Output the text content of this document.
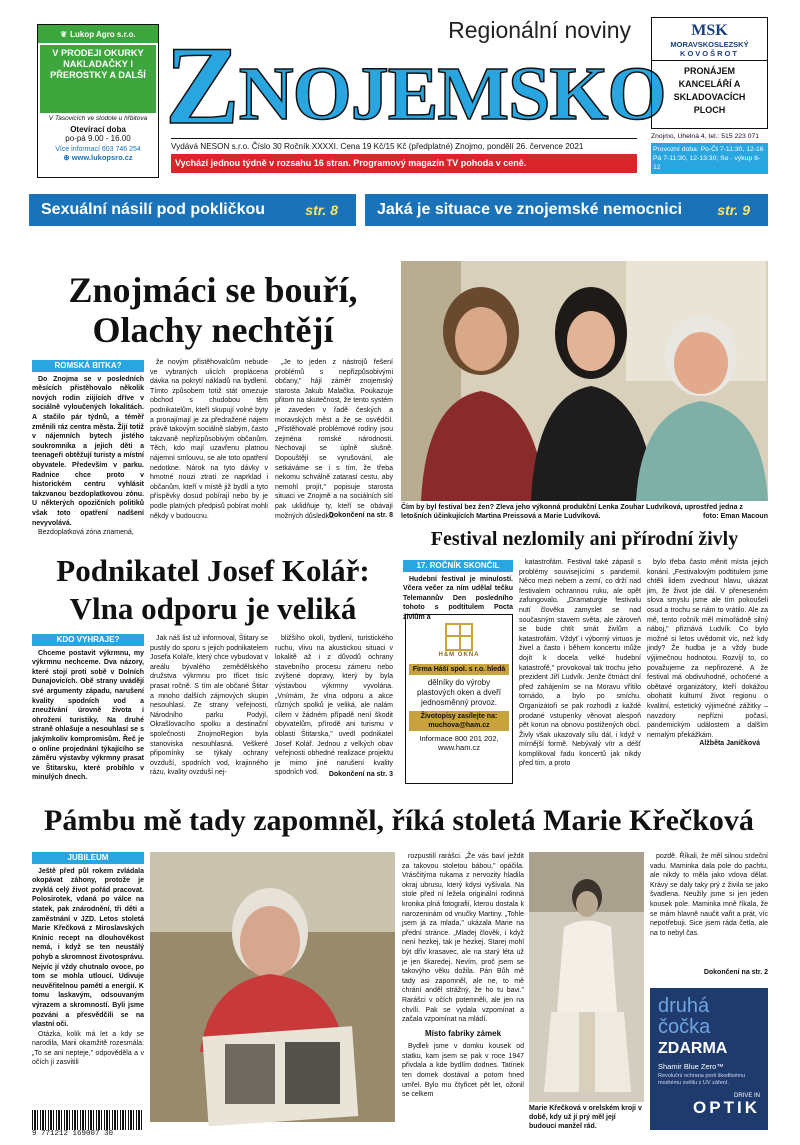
❦ Lukop Agro s.r.o.
V PRODEJI OKURKY NAKLADAČKY I PŘEROSTKY A DALŠÍ
V Tasovicích ve stodole u hřbitova
Otevírací doba
po-pá 9.00 - 16.00
Více informací 603 746 254
⊕ www.lukopsro.cz
Regionální noviny
ZNOJEMSKO
Vydává NESON s.r.o. Číslo 30 Ročník XXXXI. Cena 19 Kč/15 Kč (předplatné) Znojmo, pondělí 26. července 2021
Vychází jednou týdně v rozsahu 16 stran. Programový magazín TV pohoda v ceně.
MSK
MORAVSKOSLEZSKÝ
KOVOŠROT
PRONÁJEM KANCELÁŘÍ A SKLADOVACÍCH PLOCH
Znojmo, Uhelná 4, tel.: 515 223 071
Provozní doba: Po-Čt 7-11:30, 12-16 Pá 7-11:30, 12-13:30; So - výkup 8-12
Sexuální násilí pod pokličkou	str. 8 Jaká je situace ve znojemské nemocnici	str. 9
Znojmáci se bouří,
Olachy nechtějí
ROMSKÁ BITKA?

Do Znojma se v posledních měsících přistěhovalo několik nových rodin ziijících dříve v sociálně vyloučených lokalitách. A stačilo pár týdnů, a téměř změnili ráz centra města. Žijí totiž v nájemních bytech jistého soukromníka a jejich děti a teenageři obtěžují turisty a místní obyvatele. Především v parku. Radnice chce proto v historickém centru vyhlásit takzvanou bezdoplatkovou zónu. U některých opozičních politiků však toto opatření nadšení nevyvolává.

Bezdoplatková zóna znamená,

že novým přistěhovalcům nebude ve vybraných ulicích proplácena dávka na pokrytí nákladů na bydlení. Tímto způsobem totiž stát omezuje obchod s chudobou těm podnikatelům, kteří skupují volné byty a pronajímají je za předražené nájem právě takovým sociálně slabým, často takzvaně nepřizpůsobivým občanům. Těch, kdo mají uzavřenu platnou nájemní smlouvu, se ale toto opatření nedotkne. Nárok na tyto dávky v hmotné nouzi ztratí ze naprklad i občanům, kteří v místě již bydlí a tyto příspěvky dosud pobírají nebo by je podle platných předpisů pobírat mohli někdy v budoucnu.

„Je to jeden z nástrojů řešení problémů s nepřizpůsobivými občany," hájí záměr znojemský starosta Jakub Malačka. Poukazuje přitom na skutečnost, že tento systém je zaveden v řadě českých a moravských měst a že se osvědčil. „Přistěhovalé problémové rodiny jsou zejména romské národnosti. Nechovají se úplně slušně. Dopouštějí se vyrušování, ale setkáváme se i s tím, že třeba nekomu schválně zatarasí cestu, aby nemohl projít," popisuje starosta situaci ve Znojmě a na sociálních sítí pak uklidňuje ty, kteří se obávají možných důsledků.

Dokončení na str. 8
Čím by byl festival bez žen? Zleva jeho výkonná produkční Lenka Zouhar Ludvíková, uprostřed jedna z letošních účinkujících Martina Preissová a Marie Ludvíková.	foto: Eman Macoun
Podnikatel Josef Kolář:
Vlna odporu je veliká
KDO VYHRAJE?

Chceme postavit výkrmnu, my výkrmnu nechceme. Dva názory, které stojí proti sobě v Dolních Dunajovicích. Obě strany uvádějí své argumenty západu, narušení kvality spodních vod a zneužívání úrovně života i ohrožení turistiky. Na druhé straně ohlašuje a nesouhlasí se s jakýmkoliv kompromisům. Řeč je o online projednání týkajícího se záměru výstavby výkrmny prasat ve Štitarsku, které probíhlo v minulých dnech.

Jak náš list už informoval, Štitary se pustily do sporu s jejich podnikatelem Josefa Koláře, který chce vybudovat v areálu bývalého zemědělského družstva výkrmnu pro třicet tisíc prasat ročně. S tím ale občané Štitar a mnoho dalších zájmových skupin nesouhlasí. Ze strany veřejnosti, Národního parku Podyjí, Okrašlovacího spolku a destinační společnosti ZnojmoRegion byla stanoviska nesouhlasná. Veškeré připomínky se týkaly ochrany ovzduší, spodních vod, krajinného rázu, kvality ovzduší nej-

bližšího okolí, bydlení, turistického ruchu, vlivu na akustickou situaci v lokalitě až i z důvodů ochrany stavebního procesu zámeru nebo zvýšené dopravy, který by byla výstavbou výkrmny vyvolána. „Vnímám, že vlna odporu a akce různých spolků je veliká, ale nalám cílem v žádném případě není škodit obyvatelům, přírodě ani turismu v oblasti Štitarska," uvedl podnikatel Josef Kolář. Jednou z velkých obav veřejnosti obhedné realizace projektu je mimo jiné narušení kvality spodních vod.	Dokončení na str. 3
Festival nezlomily ani přírodní živly
17. ROČNÍK SKONČIL

Hudební festival je minulostí. Včera večer za ním udělal tečku Telemannův Den posledního tohoto s podtitulem Pocta živlům a

katastrofám. Festival také zápasil s problémy souvisejícími s pandemií. Něco mezi nebem a zemí, co drží nad festivalem ochrannou ruku, ale opět zafungovalo. „Dramaturgie festivalu nutí člověka zamyslet se nad současným stavem světa, ale zároveň se bude chtít smát živlům a katastrofám. Vždyť i výborný virtuos je živel a často i během koncertu může dojít k docela velké hudební katastrofě," provokoval tak trochu jeho prezident Jiří Ludvík. Jenže čtrnáct dní před zahájením se na Moravu vřítilo tornádo, a bylo po smíchu. Organizátoři se pak rozhodli z každé prodané vstupenky věnovat alespoň pět korun na obnovu postižených obcí. Živly však ukazovaly sílu dál, i když v mírnější formě. Nebývalý vítr a déšť komplikoval řadu koncertů jak nikdy před tím, a proto

bylo třeba často měnit místa jejich konání. „Festivalovým podtitulem jsme chtěli lidem zvednout hlavu, ukázat jim, že život jde dál. V přeneseném slova smyslu jsme ale tím pokoušeli osud a trochu se nám to vrátilo. Ale za mě, tento ročník měl mimořádně silný náboj," přiznává Ludvík. Co bylo možné si letos uvědomit víc, než kdy jindy? Že hudba je a vždy bude výjimečnou hodnotou. Rozvíjí to, co považujeme za nepřirozené. A že festival má obdivuhodné, ochočené a obětavé organizátory, kteří dokážou obohatit kulturní život regionu o kvalitní, estetický výjimečné zážitky – navzdory nepřízni počasí, pandemickým událostem a dalším nemalým překážkám.

Alžběta Janíčková
H&M OKNA
Firma Háší spol. s r.o. hledá
dělníky do výroby plastových oken a dveří jednosměnný provoz.
Životopisy zasílejte na: muchova@ham.cz
Informace 800 201 202, www.ham.cz
Pámbu mě tady zapomněl, říká stoletá Marie Křečková
JUBILEUM

Ještě před půl rokem zvládala okopávat záhony, protože je zvyklá celý život pořád pracovat. Polosirotek, vdaná po válce na statek, pak znárodnění, tři děti a zaměstnání v JZD. Letos stoletá Marie Křečková z Miroslavských Knínic recept na dlouhověkost nemá, i když se ten neustálý pohyb a skromnost životosprávu. Nejvíc jí vždy chutnalo ovoce, po tom se mohla utloucí. Udivuje neuvěřitelnou pamětí a energií. K tomu laskavým, odsouvaným výrazem a skromností. Byli jsme pozváni a přesvědčili se na vlastní oči.

Otázka, kolik má let a kdy se narodila, Marii okamžitě rozesmála: „To se ani nepteje," odpověděla a v očích jí zasvitili

rozpustilí rarášci. „Že vás baví ježdit za takovou stoletou bábou," opáčila. Vrásčitýma rukama z nervozity hladila okraj ubrusu, který kdysi vyšívala. Na stole před ní ležela originální rodinná kronika plná fotografií, kterou dostala k narozeninám od vnučky Martiny. „Tohle jsem já za mlada," ukázala Marie na přední stránce. „Mladej člověk, i když není hezkej, tak je hezkej. Starej mohl být dřív krasavec, ale na starý léta už je jen škaredej. Nevím, proč jsem se takovýho věku dožila. Pán Bůh mě tady asi zapomněl, ale ne, to mě chrání anděl strážný, že ho tu bavi." Rarášci v očích potemněli, ale jen na chvíli. Pak se vydala vzpomínat a začala vzpomínat na mládí.

Místo fabriky zámek

Bydleli jsme v domku kousek od statku, kam jsem se pak v roce 1947 přivdala a kde bydlím dodnes. Tatínek ten domek dostával a potom hned umřel. Bylo mu čtyřicet pět let, ožonil se celkem

Marie Křečková v orelském kroji v době, kdy už jí prý měl její budoucí manžel rád.

pozdě. Říkali, že měl silnou srdeční vadu. Maminka dala pole do pachtu, ale nikdy to měla jako vdova dělat. Krávy se daly taky prý z živila se jako švadlena. Neužily jsme si jen jeden kousek pole. Maminka mně říkala, že se mám hlavně naučit vařit a prát, víc nepotřebuji. Sice jsem ráda četla, ale na to nebyl čas.

Dokončení na str. 2
druhá
čočka
ZDARMA
Shamir Blue Zero™
Revoluční ochrana proti škodlivému modrému světlu z UV záření.
DRIVE IN
OPTIK
9 771212 169007 30
